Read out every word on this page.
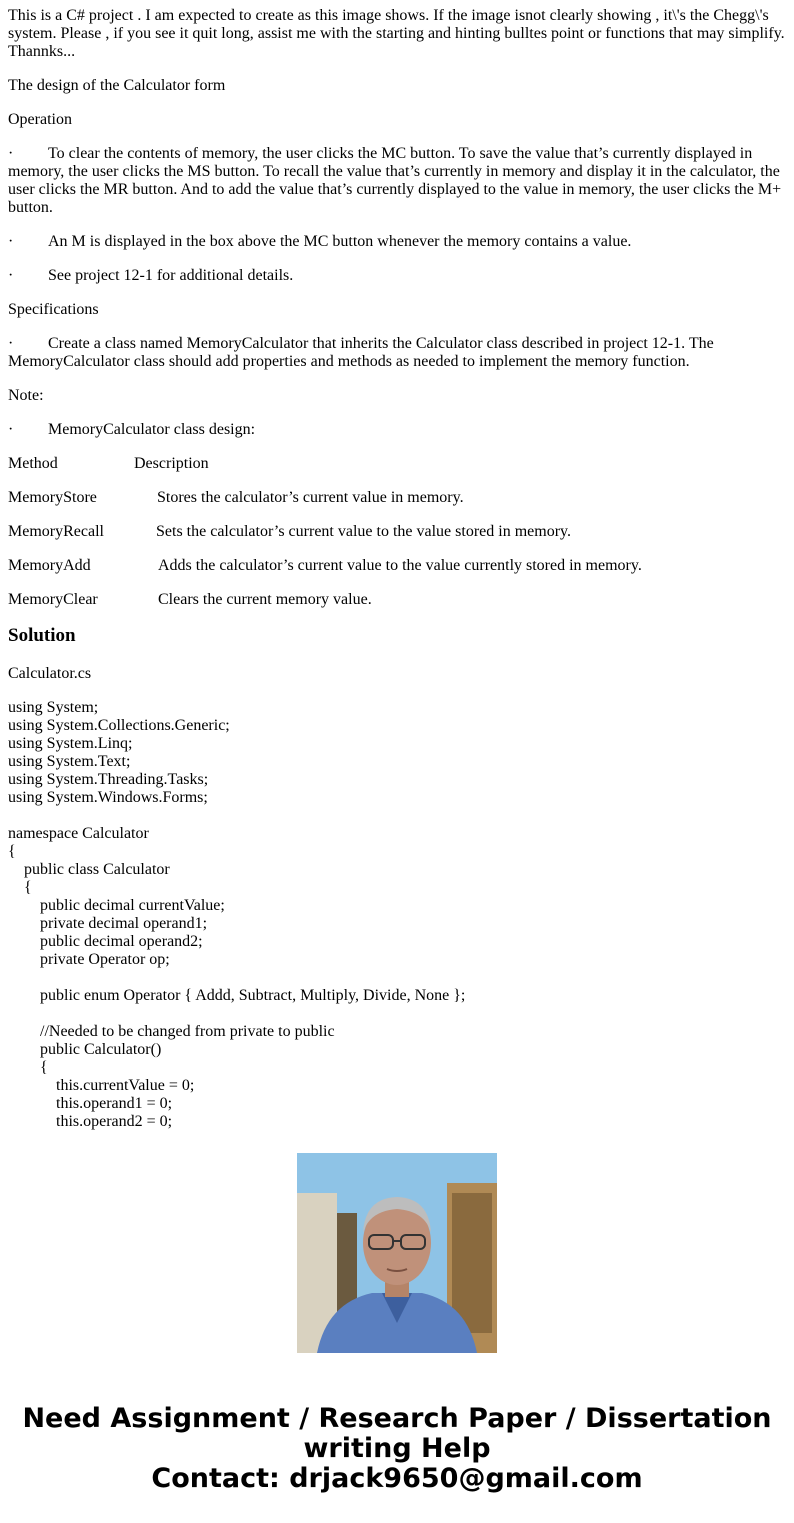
This is a C# project . I am expected to create as this image shows. If the image isnot clearly showing , it\'s the Chegg\'s system. Please , if you see it quit long, assist me with the starting and hinting bulltes point or functions that may simplify. Thannks...

The design of the Calculator form

Operation

· To clear the contents of memory, the user clicks the MC button. To save the value that’s currently displayed in memory, the user clicks the MS button. To recall the value that’s currently in memory and display it in the calculator, the user clicks the MR button. And to add the value that’s currently displayed to the value in memory, the user clicks the M+ button.

· An M is displayed in the box above the MC button whenever the memory contains a value.

· See project 12-1 for additional details.

Specifications

· Create a class named MemoryCalculator that inherits the Calculator class described in project 12-1. The MemoryCalculator class should add properties and methods as needed to implement the memory function.

Note:

· MemoryCalculator class design:

Method	Description

MemoryStore	Stores the calculator’s current value in memory.

MemoryRecall	Sets the calculator’s current value to the value stored in memory.

MemoryAdd	Adds the calculator’s current value to the value currently stored in memory.

MemoryClear	Clears the current memory value.

Solution

Calculator.cs

using System;
using System.Collections.Generic;
using System.Linq;
using System.Text;
using System.Threading.Tasks;
using System.Windows.Forms;
namespace Calculator
{
public class Calculator
{
public decimal currentValue;
private decimal operand1;
public decimal operand2;
private Operator op;
public enum Operator { Addd, Subtract, Multiply, Divide, None };
//Needed to be changed from private to public
public Calculator()
{
this.currentValue = 0;
this.operand1 = 0;
this.operand2 = 0;
Need Assignment / Research Paper / Dissertation
writing Help
Contact: drjack9650@gmail.com
